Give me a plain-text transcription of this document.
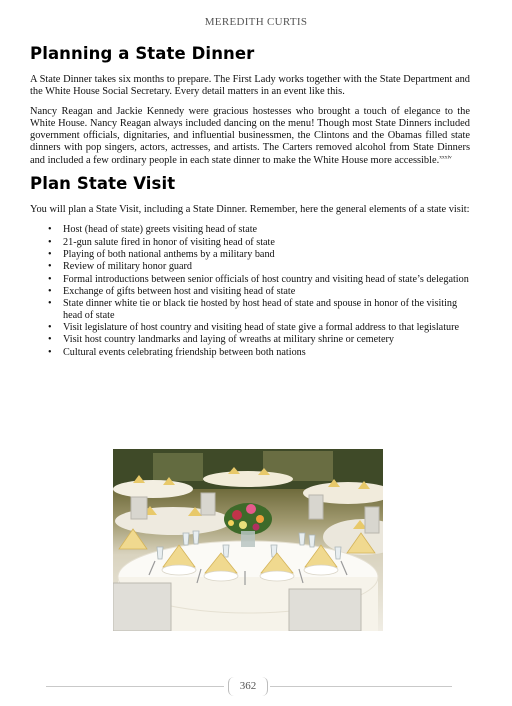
MEREDITH CURTIS
Planning a State Dinner

A State Dinner takes six months to prepare. The First Lady works together with the State Department and the White House Social Secretary. Every detail matters in an event like this.

Nancy Reagan and Jackie Kennedy were gracious hostesses who brought a touch of elegance to the White House. Nancy Reagan always included dancing on the menu! Though most State Dinners included government officials, dignitaries, and influential businessmen, the Clintons and the Obamas filled state dinners with pop singers, actors, actresses, and artists. The Carters removed alcohol from State Dinners and included a few ordinary people in each state dinner to make the White House more accessible.$^{xxxiv}$

Plan State Visit

You will plan a State Visit, including a State Dinner. Remember, here the general elements of a state visit:

• Host (head of state) greets visiting head of state
• 21-gun salute fired in honor of visiting head of state
• Playing of both national anthems by a military band
• Review of military honor guard
• Formal introductions between senior officials of host country and visiting head of state’s delegation
• Exchange of gifts between host and visiting head of state
• State dinner white tie or black tie hosted by host head of state and spouse in honor of the visiting head of state
• Visit legislature of host country and visiting head of state give a formal address to that legislature
• Visit host country landmarks and laying of wreaths at military shrine or cemetery
• Cultural events celebrating friendship between both nations
362
